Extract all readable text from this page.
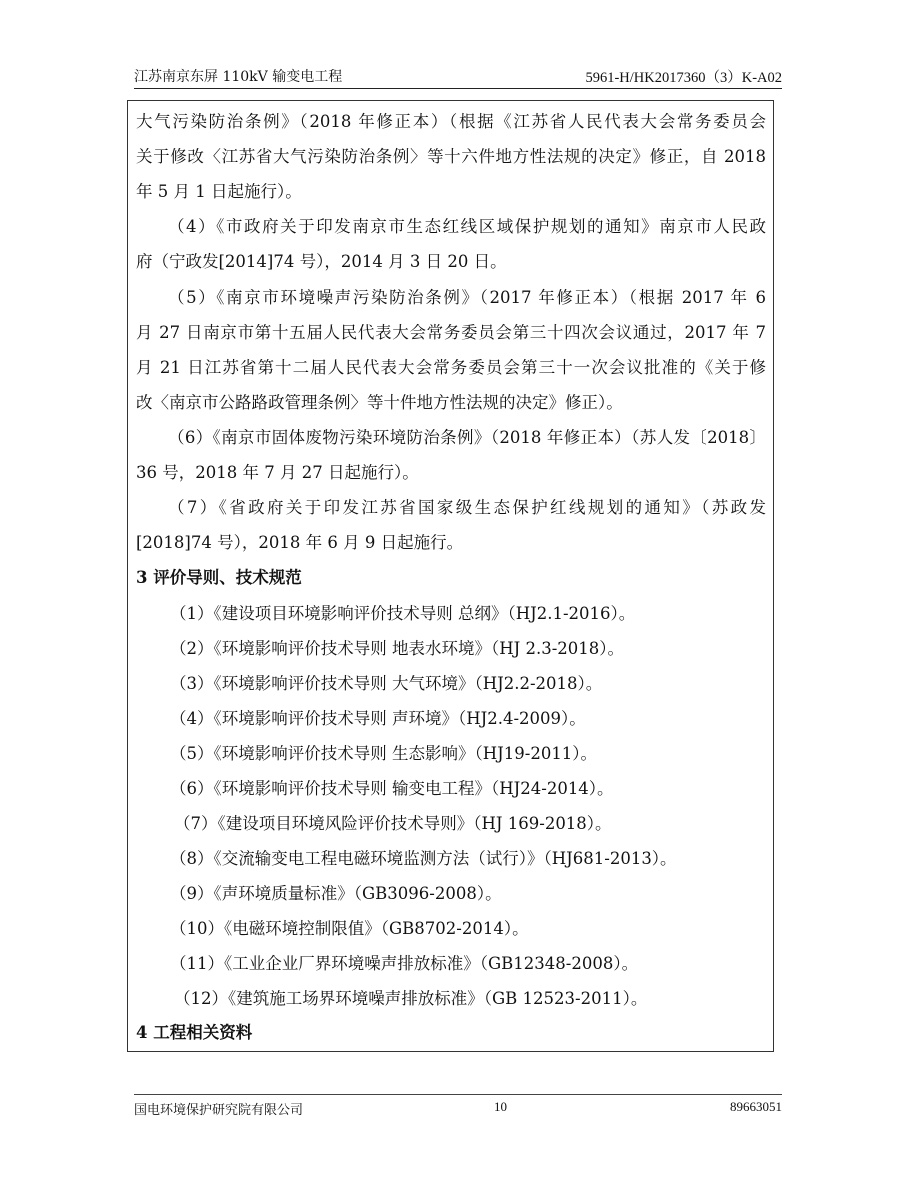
江苏南京东屏 110kV 输变电工程	5961-H/HK2017360（3）K-A02
大气污染防治条例》（2018 年修正本）（根据《江苏省人民代表大会常务委员会
关于修改〈江苏省大气污染防治条例〉等十六件地方性法规的决定》修正，自 2018
年 5 月 1 日起施行）。
（4）《市政府关于印发南京市生态红线区域保护规划的通知》南京市人民政
府（宁政发[2014]74 号），2014 月 3 日 20 日。
（5）《南京市环境噪声污染防治条例》（2017 年修正本）（根据 2017 年 6
月 27 日南京市第十五届人民代表大会常务委员会第三十四次会议通过，2017 年 7
月 21 日江苏省第十二届人民代表大会常务委员会第三十一次会议批准的《关于修
改〈南京市公路路政管理条例〉等十件地方性法规的决定》修正）。
（6）《南京市固体废物污染环境防治条例》（2018 年修正本）（苏人发〔2018〕
36 号，2018 年 7 月 27 日起施行）。
（7）《省政府关于印发江苏省国家级生态保护红线规划的通知》（苏政发
[2018]74 号），2018 年 6 月 9 日起施行。
3 评价导则、技术规范
（1）《建设项目环境影响评价技术导则 总纲》（HJ2.1-2016）。
（2）《环境影响评价技术导则 地表水环境》（HJ 2.3-2018）。
（3）《环境影响评价技术导则 大气环境》（HJ2.2-2018）。
（4）《环境影响评价技术导则 声环境》（HJ2.4-2009）。
（5）《环境影响评价技术导则 生态影响》（HJ19-2011）。
（6）《环境影响评价技术导则 输变电工程》（HJ24-2014）。
（7）《建设项目环境风险评价技术导则》（HJ 169-2018）。
（8）《交流输变电工程电磁环境监测方法（试行）》（HJ681-2013）。
（9）《声环境质量标准》（GB3096-2008）。
（10）《电磁环境控制限值》（GB8702-2014）。
（11）《工业企业厂界环境噪声排放标准》（GB12348-2008）。
（12）《建筑施工场界环境噪声排放标准》（GB 12523-2011）。
4 工程相关资料
国电环境保护研究院有限公司	10	89663051
